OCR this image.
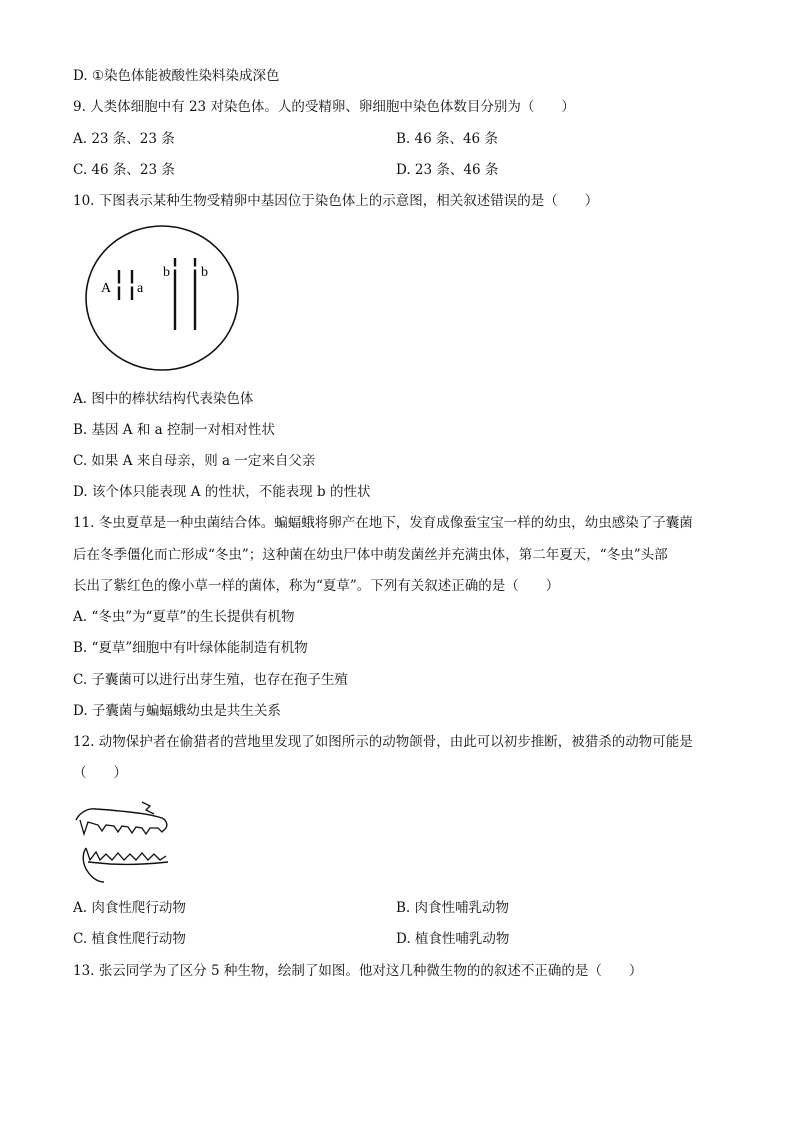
D. ①染色体能被酸性染料染成深色
9. 人类体细胞中有 23 对染色体。人的受精卵、卵细胞中染色体数目分别为（　　）
A. 23 条、23 条	B. 46 条、46 条
C. 46 条、23 条	D. 23 条、46 条
10. 下图表示某种生物受精卵中基因位于染色体上的示意图，相关叙述错误的是（　　）
A a
b b
A. 图中的棒状结构代表染色体
B. 基因 A 和 a 控制一对相对性状
C. 如果 A 来自母亲，则 a 一定来自父亲
D. 该个体只能表现 A 的性状，不能表现 b 的性状
11. 冬虫夏草是一种虫菌结合体。蝙蝠蛾将卵产在地下，发育成像蚕宝宝一样的幼虫，幼虫感染了子囊菌
后在冬季僵化而亡形成“冬虫”；这种菌在幼虫尸体中萌发菌丝并充满虫体，第二年夏天，“冬虫”头部
长出了紫红色的像小草一样的菌体，称为“夏草”。下列有关叙述正确的是（　　）
A. “冬虫”为“夏草”的生长提供有机物
B. “夏草”细胞中有叶绿体能制造有机物
C. 子囊菌可以进行出芽生殖，也存在孢子生殖
D. 子囊菌与蝙蝠蛾幼虫是共生关系
12. 动物保护者在偷猎者的营地里发现了如图所示的动物颌骨，由此可以初步推断，被猎杀的动物可能是
（　　）
A. 肉食性爬行动物	B. 肉食性哺乳动物
C. 植食性爬行动物	D. 植食性哺乳动物
13. 张云同学为了区分 5 种生物，绘制了如图。他对这几种微生物的的叙述不正确的是（　　）
